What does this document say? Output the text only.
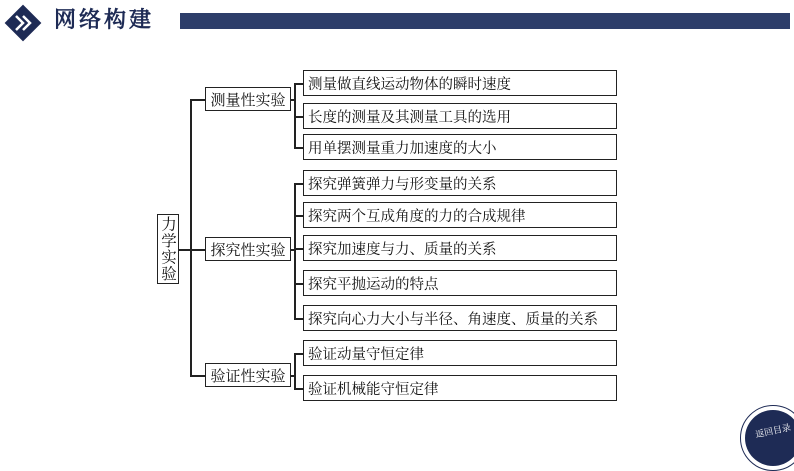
网络构建
力学实验
测量性实验
探究性实验
验证性实验
测量做直线运动物体的瞬时速度
长度的测量及其测量工具的选用
用单摆测量重力加速度的大小
探究弹簧弹力与形变量的关系
探究两个互成角度的力的合成规律
探究加速度与力、质量的关系
探究平抛运动的特点
探究向心力大小与半径、角速度、质量的关系
验证动量守恒定律
验证机械能守恒定律
返回目录
